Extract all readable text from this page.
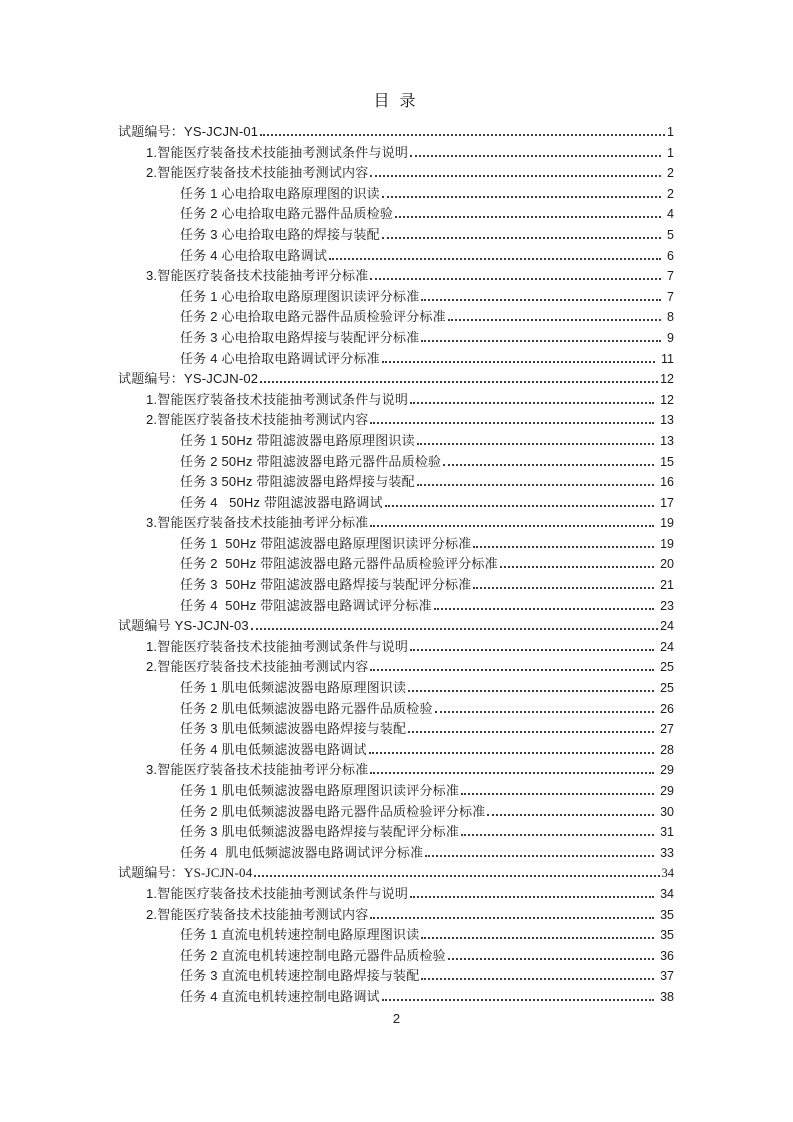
目 录
试题编号：YS-JCJN-01	1
1.智能医疗装备技术技能抽考测试条件与说明	1
2.智能医疗装备技术技能抽考测试内容	2
任务 1 心电拾取电路原理图的识读	2
任务 2 心电拾取电路元器件品质检验	4
任务 3 心电拾取电路的焊接与装配	5
任务 4 心电拾取电路调试	6
3.智能医疗装备技术技能抽考评分标准	7
任务 1 心电拾取电路原理图识读评分标准	7
任务 2 心电拾取电路元器件品质检验评分标准	8
任务 3 心电拾取电路焊接与装配评分标准	9
任务 4 心电拾取电路调试评分标准	11
试题编号：YS-JCJN-02	12
1.智能医疗装备技术技能抽考测试条件与说明	12
2.智能医疗装备技术技能抽考测试内容	13
任务 1 50Hz 带阻滤波器电路原理图识读	13
任务 2 50Hz 带阻滤波器电路元器件品质检验	15
任务 3 50Hz 带阻滤波器电路焊接与装配	16
任务 4   50Hz 带阻滤波器电路调试	17
3.智能医疗装备技术技能抽考评分标准	19
任务 1  50Hz 带阻滤波器电路原理图识读评分标准	19
任务 2  50Hz 带阻滤波器电路元器件品质检验评分标准	20
任务 3  50Hz 带阻滤波器电路焊接与装配评分标准	21
任务 4  50Hz 带阻滤波器电路调试评分标准	23
试题编号 YS-JCJN-03	24
1.智能医疗装备技术技能抽考测试条件与说明	24
2.智能医疗装备技术技能抽考测试内容	25
任务 1 肌电低频滤波器电路原理图识读	25
任务 2 肌电低频滤波器电路元器件品质检验	26
任务 3 肌电低频滤波器电路焊接与装配	27
任务 4 肌电低频滤波器电路调试	28
3.智能医疗装备技术技能抽考评分标准	29
任务 1 肌电低频滤波器电路原理图识读评分标准	29
任务 2 肌电低频滤波器电路元器件品质检验评分标准	30
任务 3 肌电低频滤波器电路焊接与装配评分标准	31
任务 4  肌电低频滤波器电路调试评分标准	33
试题编号：YS-JCJN-04	34
1.智能医疗装备技术技能抽考测试条件与说明	34
2.智能医疗装备技术技能抽考测试内容	35
任务 1 直流电机转速控制电路原理图识读	35
任务 2 直流电机转速控制电路元器件品质检验	36
任务 3 直流电机转速控制电路焊接与装配	37
任务 4 直流电机转速控制电路调试	38
2
